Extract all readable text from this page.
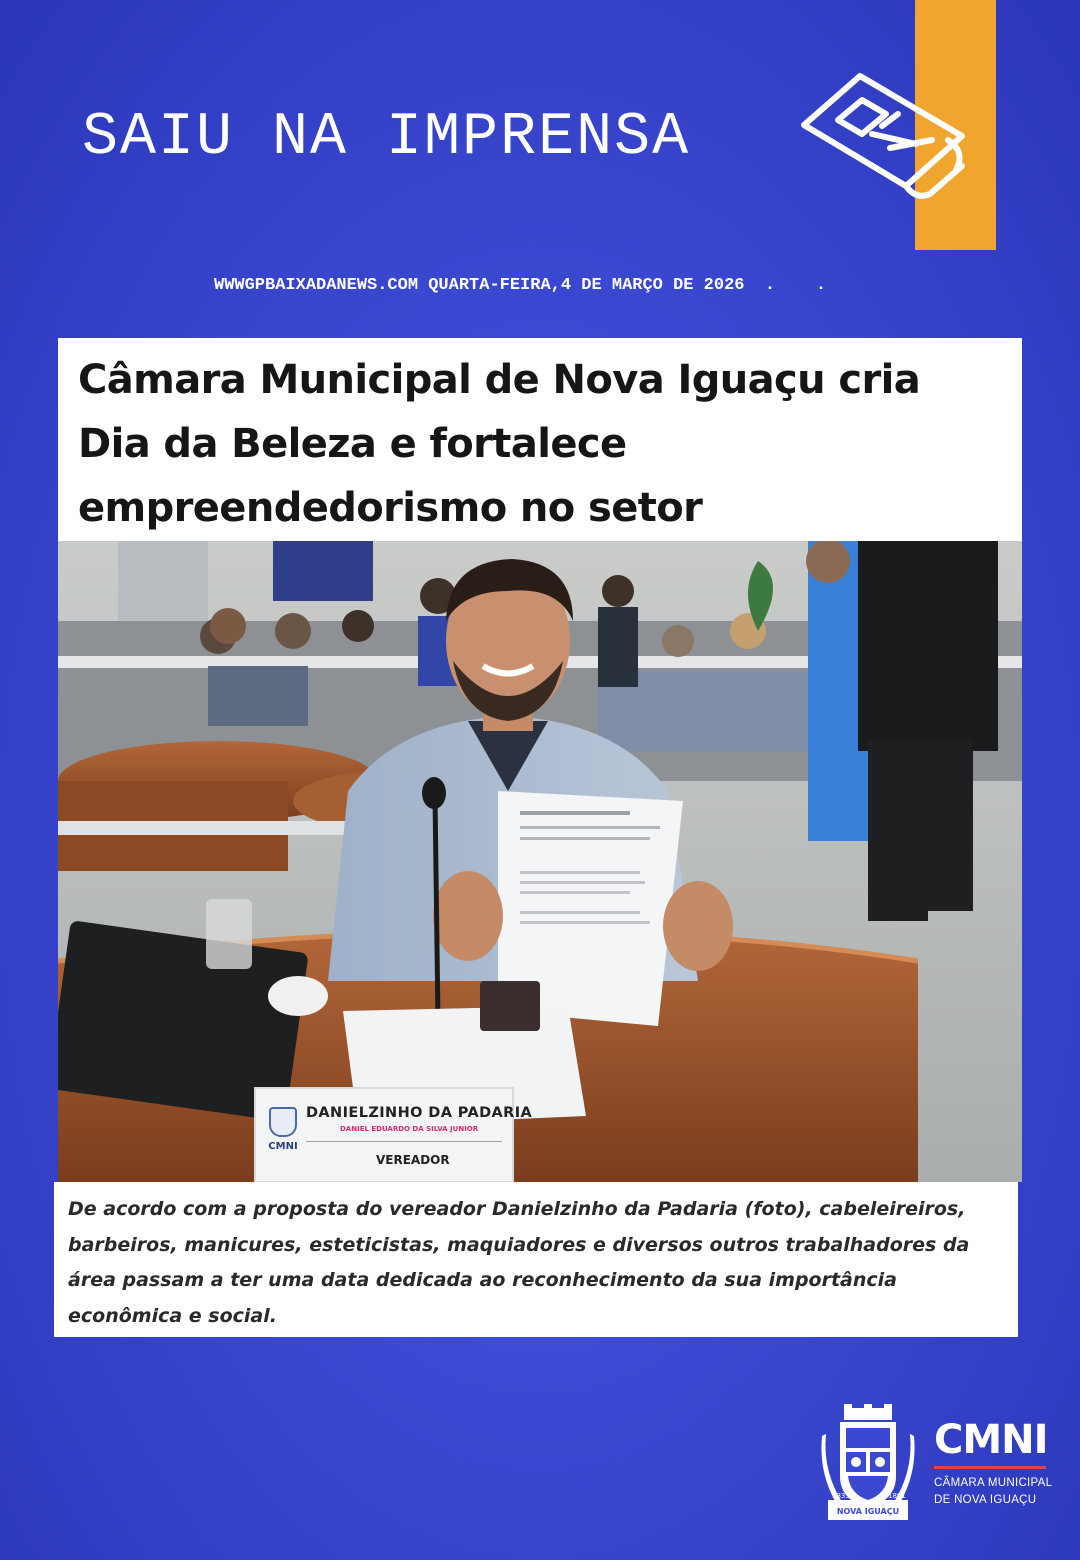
SAIU NA IMPRENSA
WWWGPBAIXADANEWS.COM QUARTA-FEIRA,4 DE MARÇO DE 2026  .    .
Câmara Municipal de Nova Iguaçu cria Dia da Beleza e fortalece empreendedorismo no setor
CMNI
DANIELZINHO DA PADARIA
DANIEL EDUARDO DA SILVA JUNIOR
VEREADOR

De acordo com a proposta do vereador Danielzinho da Padaria (foto), cabeleireiros, barbeiros, manicures, esteticistas, maquiadores e diversos outros trabalhadores da área passam a ter uma data dedicada ao reconhecimento da sua importância econômica e social.

NOVA IGUAÇU
1833	1891
CMNI
CÂMARA MUNICIPAL
DE NOVA IGUAÇU
